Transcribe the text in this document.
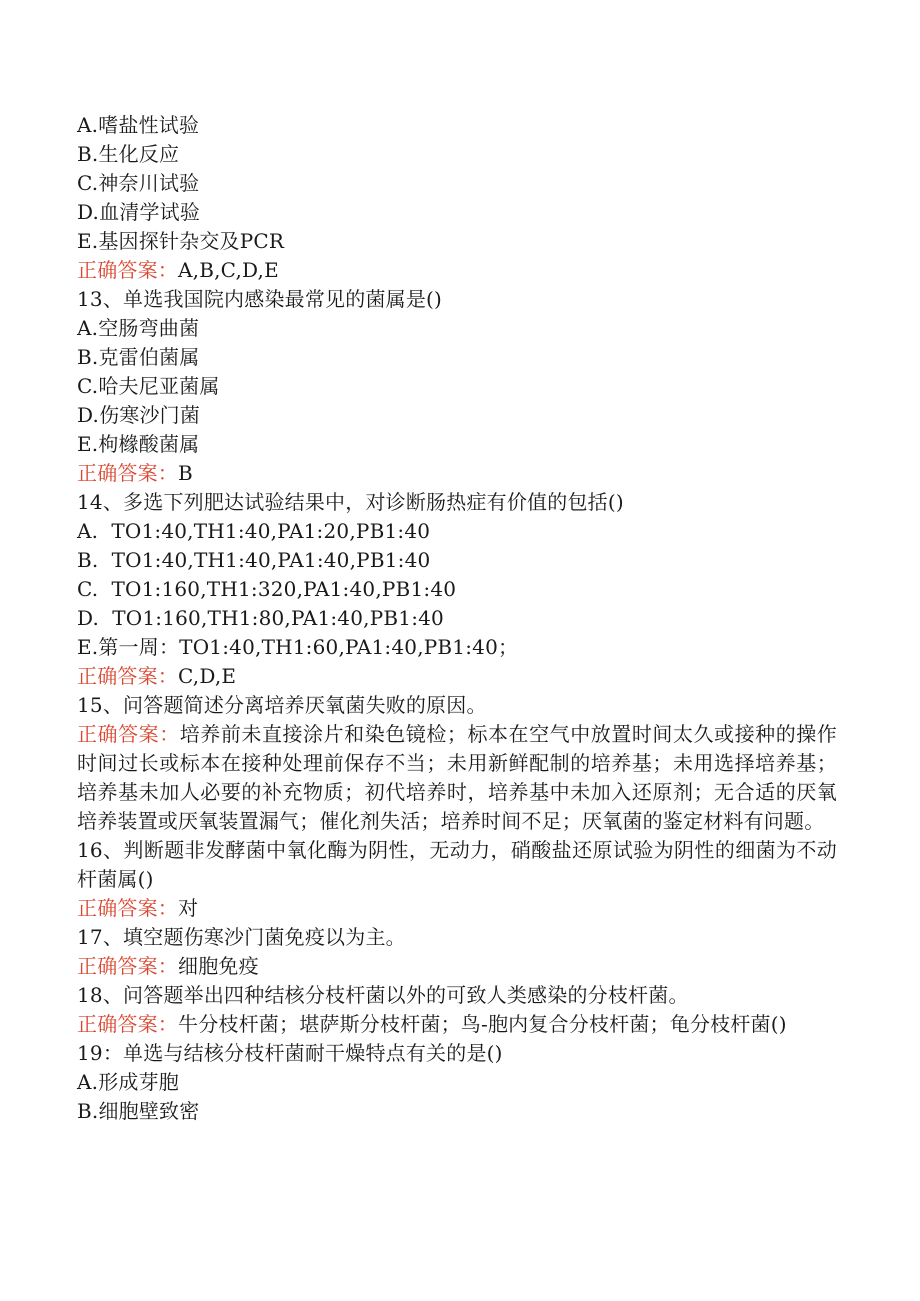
A.嗜盐性试验
B.生化反应
C.神奈川试验
D.血清学试验
E.基因探针杂交及PCR
正确答案：A,B,C,D,E
13、单选我国院内感染最常见的菌属是()
A.空肠弯曲菌
B.克雷伯菌属
C.哈夫尼亚菌属
D.伤寒沙门菌
E.枸橼酸菌属
正确答案：B
14、多选下列肥达试验结果中，对诊断肠热症有价值的包括()
A.  TO1:40,TH1:40,PA1:20,PB1:40
B.  TO1:40,TH1:40,PA1:40,PB1:40
C.  TO1:160,TH1:320,PA1:40,PB1:40
D.  TO1:160,TH1:80,PA1:40,PB1:40
E.第一周：TO1:40,TH1:60,PA1:40,PB1:40；
正确答案：C,D,E
15、问答题简述分离培养厌氧菌失败的原因。
正确答案：培养前未直接涂片和染色镜检；标本在空气中放置时间太久或接种的操作时间过长或标本在接种处理前保存不当；未用新鲜配制的培养基；未用选择培养基；培养基未加人必要的补充物质；初代培养时，培养基中未加入还原剂；无合适的厌氧培养装置或厌氧装置漏气；催化剂失活；培养时间不足；厌氧菌的鉴定材料有问题。
16、判断题非发酵菌中氧化酶为阴性，无动力，硝酸盐还原试验为阴性的细菌为不动杆菌属()
正确答案：对
17、填空题伤寒沙门菌免疫以为主。
正确答案：细胞免疫
18、问答题举出四种结核分枝杆菌以外的可致人类感染的分枝杆菌。
正确答案：牛分枝杆菌；堪萨斯分枝杆菌；鸟-胞内复合分枝杆菌；龟分枝杆菌()
19：单选与结核分枝杆菌耐干燥特点有关的是()
A.形成芽胞
B.细胞壁致密
